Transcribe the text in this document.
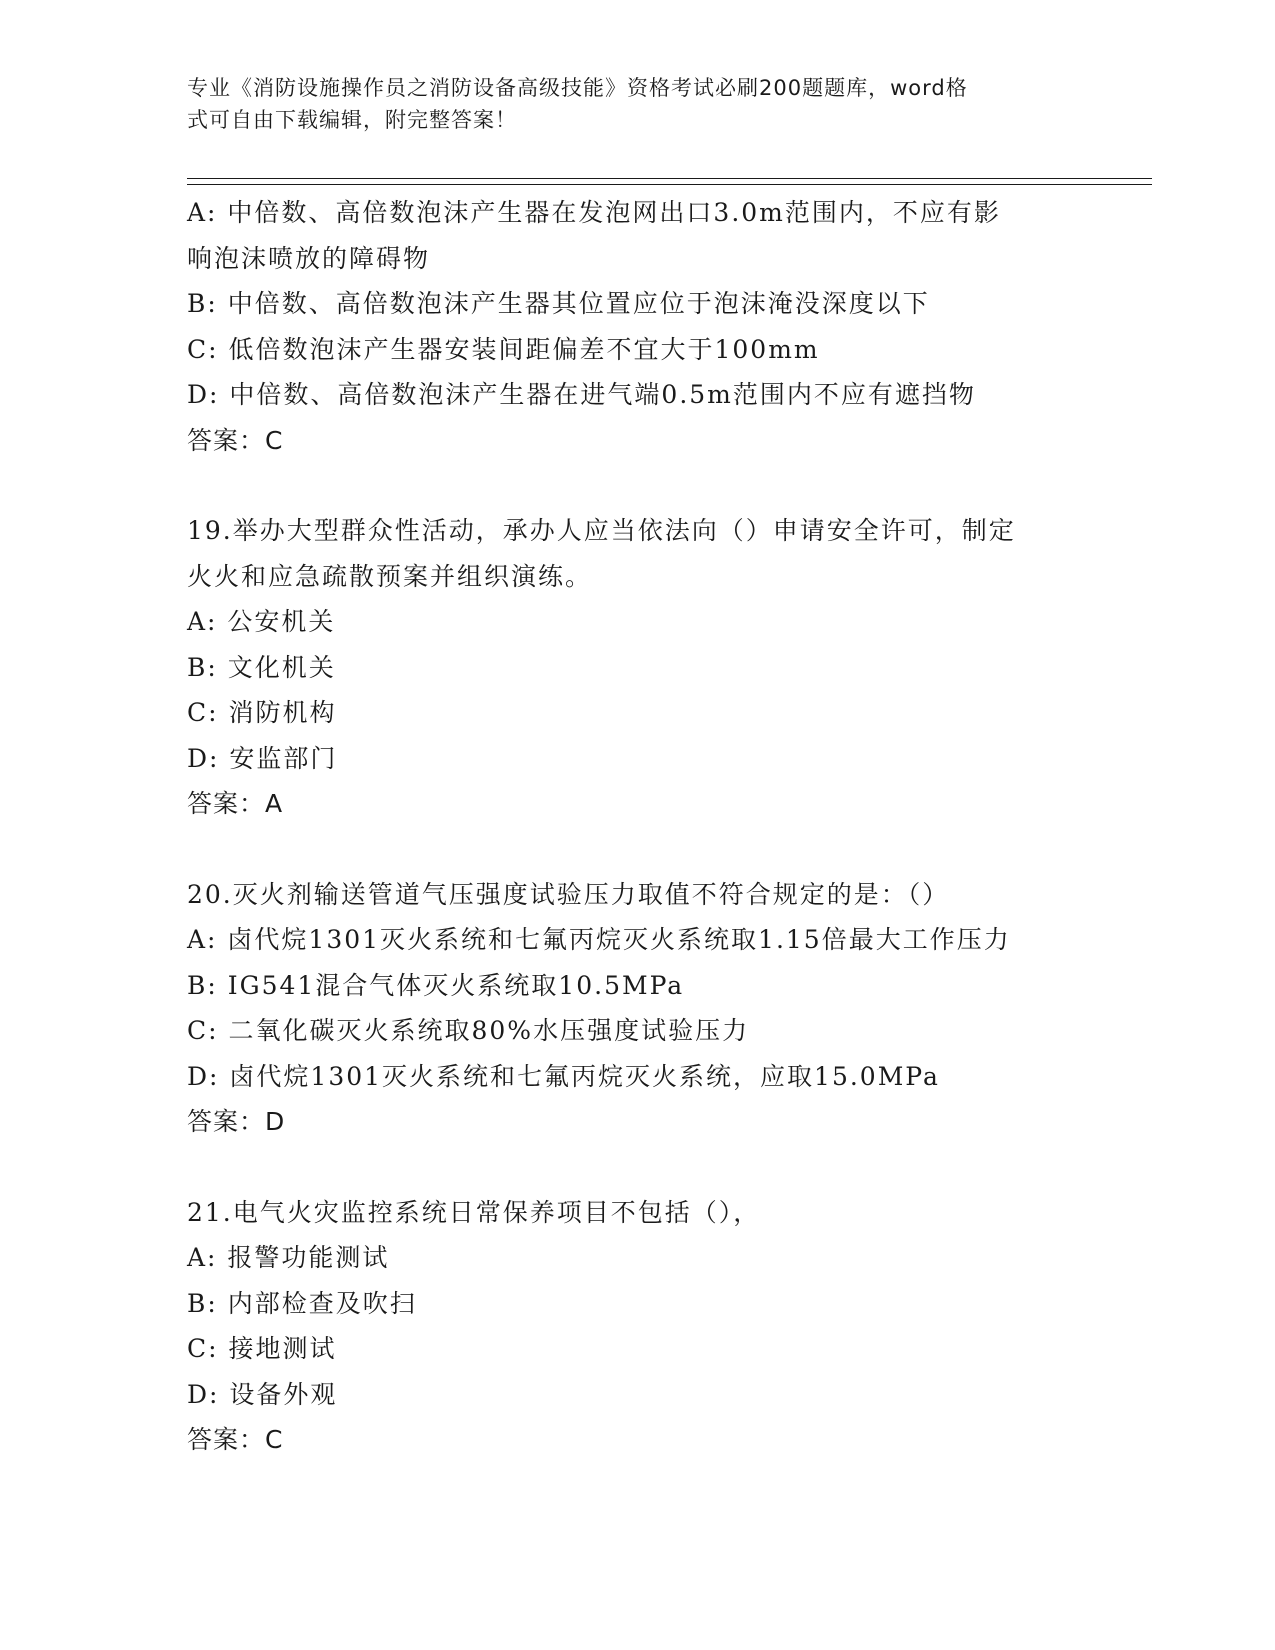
专业《消防设施操作员之消防设备高级技能》资格考试必刷200题题库，word格
式可自由下载编辑，附完整答案！
A: 中倍数、高倍数泡沫产生器在发泡网出口3.0m范围内，不应有影
响泡沫喷放的障碍物
B: 中倍数、高倍数泡沫产生器其位置应位于泡沫淹没深度以下
C: 低倍数泡沫产生器安装间距偏差不宜大于100mm
D: 中倍数、高倍数泡沫产生器在进气端0.5m范围内不应有遮挡物
答案：C
19.举办大型群众性活动，承办人应当依法向（）申请安全许可，制定
火火和应急疏散预案并组织演练。
A: 公安机关
B: 文化机关
C: 消防机构
D: 安监部门
答案：A
20.灭火剂输送管道气压强度试验压力取值不符合规定的是：（）
A: 卤代烷1301灭火系统和七氟丙烷灭火系统取1.15倍最大工作压力
B: IG541混合气体灭火系统取10.5MPa
C: 二氧化碳灭火系统取80%水压强度试验压力
D: 卤代烷1301灭火系统和七氟丙烷灭火系统，应取15.0MPa
答案：D
21.电气火灾监控系统日常保养项目不包括（），
A: 报警功能测试
B: 内部检查及吹扫
C: 接地测试
D: 设备外观
答案：C
